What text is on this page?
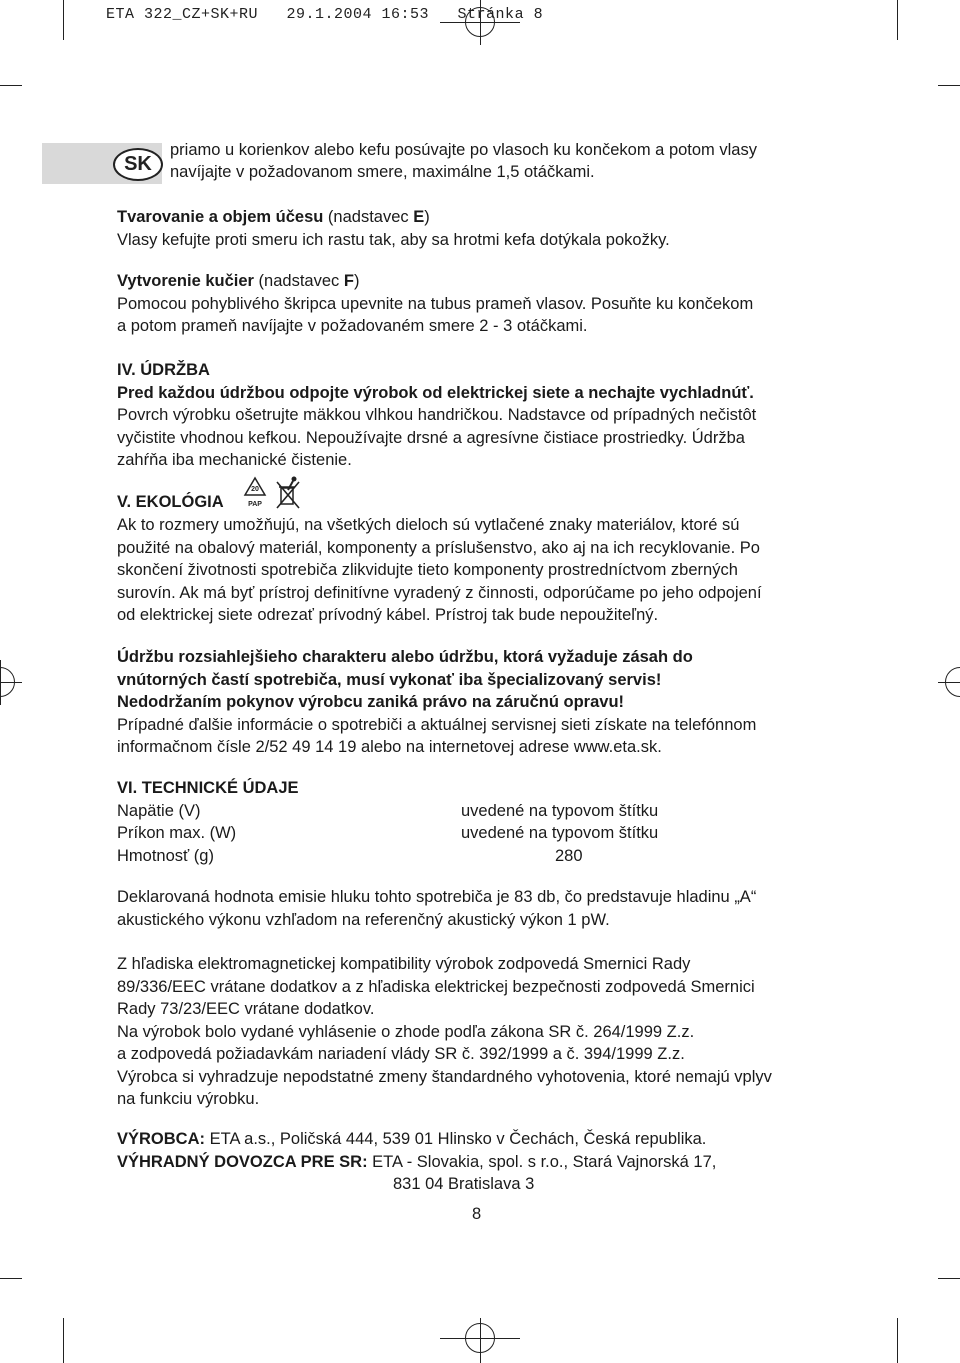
ETA 322_CZ+SK+RU   29.1.2004 16:53   Stránka 8
SK

priamo u korienkov alebo kefu posúvajte po vlasoch ku končekom a potom vlasy

navíjajte v požadovanom smere, maximálne 1,5 otáčkami.

Tvarovanie a objem účesu (nadstavec E)

Vlasy kefujte proti smeru ich rastu tak, aby sa hrotmi kefa dotýkala pokožky.

Vytvorenie kučier (nadstavec F)

Pomocou pohyblivého škripca upevnite na tubus prameň vlasov. Posuňte ku končekom

a potom prameň navíjajte v požadovaném smere 2 - 3 otáčkami.

IV. ÚDRŽBA

Pred každou údržbou odpojte výrobok od elektrickej siete a nechajte vychladnúť.

Povrch výrobku ošetrujte mäkkou vlhkou handričkou. Nadstavce od prípadných nečistôt

vyčistite vhodnou kefkou. Nepoužívajte drsné a agresívne čistiace prostriedky. Údržba

zahŕňa iba mechanické čistenie.

V. EKOLÓGIA

20
PAP

Ak to rozmery umožňujú, na všetkých dieloch sú vytlačené znaky materiálov, ktoré sú

použité na obalový materiál, komponenty a príslušenstvo, ako aj na ich recyklovanie. Po

skončení životnosti spotrebiča zlikvidujte tieto komponenty prostredníctvom zberných

surovín. Ak má byť prístroj definitívne vyradený z činnosti, odporúčame po jeho odpojení

od elektrickej siete odrezať prívodný kábel. Prístroj tak bude nepoužiteľný.

Údržbu rozsiahlejšieho charakteru alebo údržbu, ktorá vyžaduje zásah do

vnútorných častí spotrebiča, musí vykonať iba špecializovaný servis!

Nedodržaním pokynov výrobcu zaniká právo na záručnú opravu!

Prípadné ďalšie informácie o spotrebiči a aktuálnej servisnej sieti získate na telefónnom

informačnom čísle 2/52 49 14 19 alebo na internetovej adrese www.eta.sk.

VI. TECHNICKÉ ÚDAJE

Napätie (V)	uvedené na typovom štítku
Príkon max. (W)	uvedené na typovom štítku
Hmotnosť (g)	280

Deklarovaná hodnota emisie hluku tohto spotrebiča je 83 db, čo predstavuje hladinu „A“

akustického výkonu vzhľadom na referenčný akustický výkon 1 pW.

Z hľadiska elektromagnetickej kompatibility výrobok zodpovedá Smernici Rady

89/336/EEC vrátane dodatkov a z hľadiska elektrickej bezpečnosti zodpovedá Smernici

Rady 73/23/EEC vrátane dodatkov.

Na výrobok bolo vydané vyhlásenie o zhode podľa zákona SR č. 264/1999 Z.z.

a zodpovedá požiadavkám nariadení vlády SR č. 392/1999 a č. 394/1999 Z.z.

Výrobca si vyhradzuje nepodstatné zmeny štandardného vyhotovenia, ktoré nemajú vplyv

na funkciu výrobku.

VÝROBCA: ETA a.s., Poličská 444, 539 01 Hlinsko v Čechách, Česká republika.

VÝHRADNÝ DOVOZCA PRE SR: ETA - Slovakia, spol. s r.o., Stará Vajnorská 17,

831 04 Bratislava 3

8
